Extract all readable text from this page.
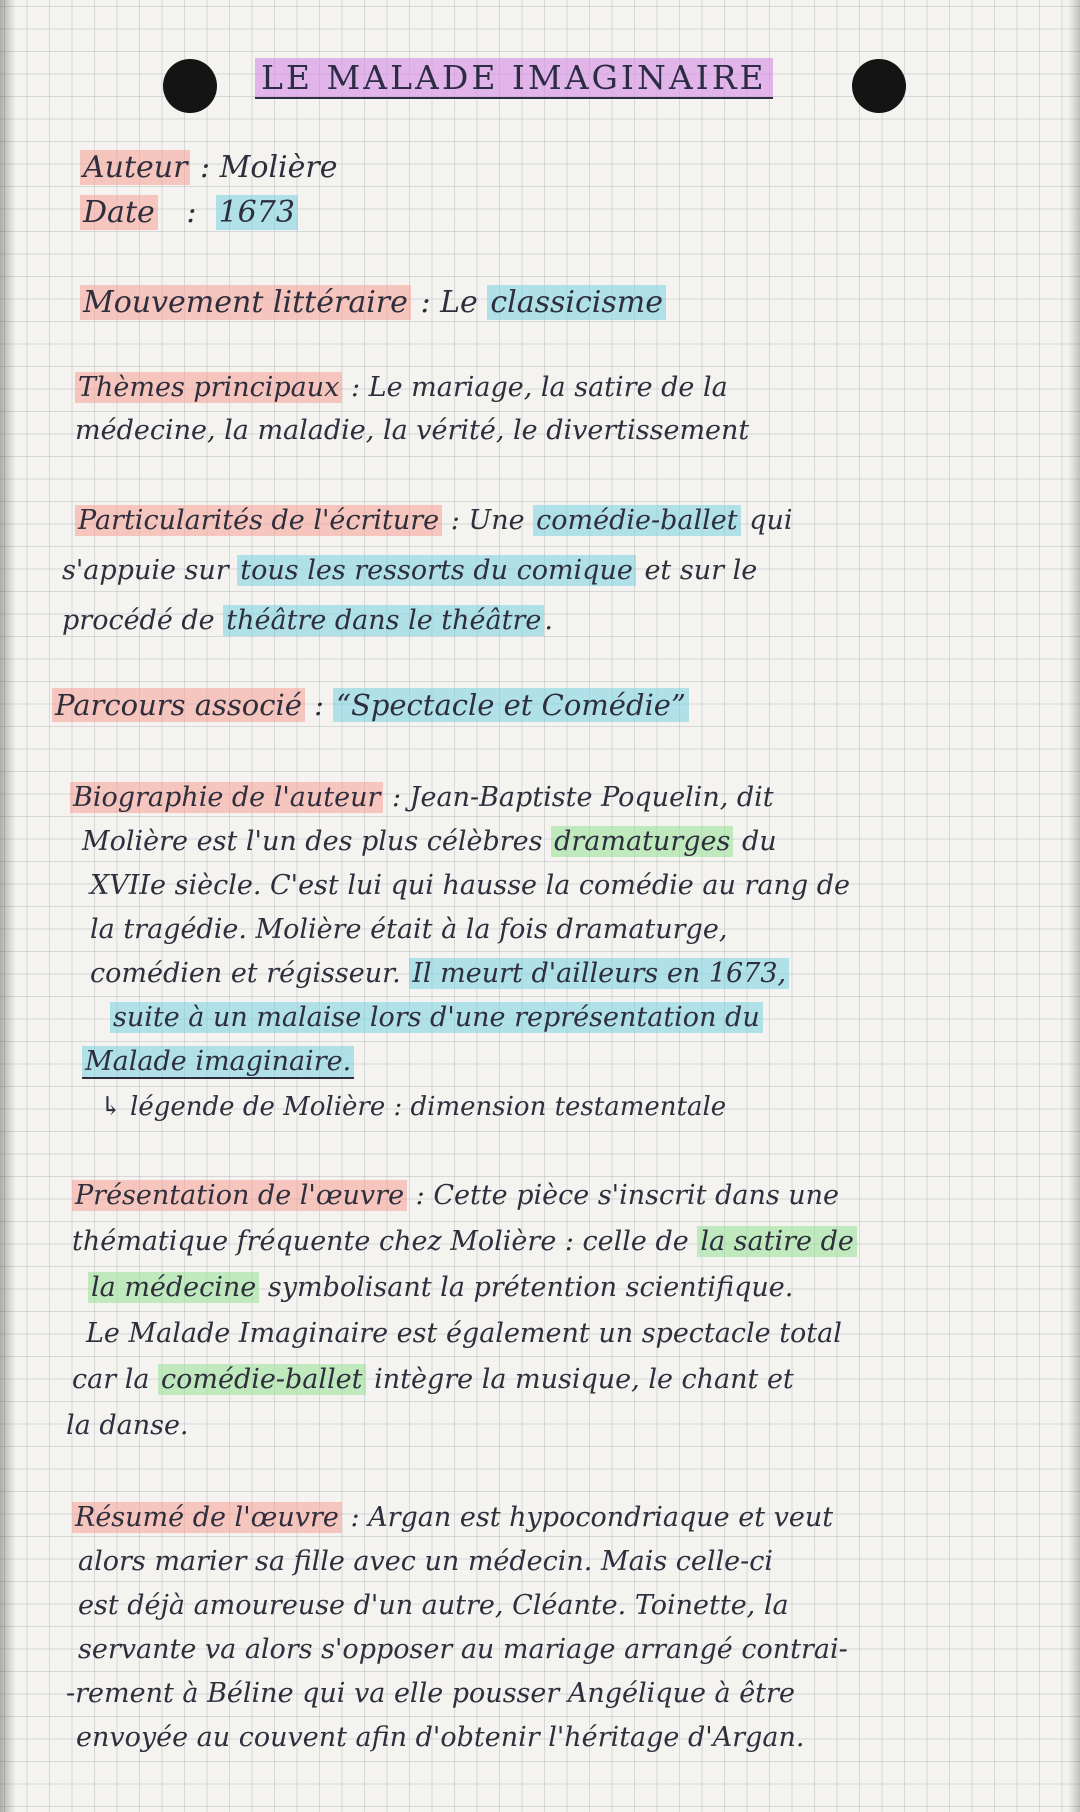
LE MALADE IMAGINAIRE
Auteur : Molière
Date   :  1673
Mouvement littéraire : Le classicisme
Thèmes principaux : Le mariage, la satire de la
médecine, la maladie, la vérité, le divertissement
Particularités de l'écriture : Une comédie-ballet qui
s'appuie sur tous les ressorts du comique et sur le
procédé de théâtre dans le théâtre .
Parcours associé : “Spectacle et Comédie”
Biographie de l'auteur : Jean-Baptiste Poquelin, dit
Molière est l'un des plus célèbres dramaturges du
XVIIe siècle. C'est lui qui hausse la comédie au rang de
la tragédie. Molière était à la fois dramaturge,
comédien et régisseur. Il meurt d'ailleurs en 1673,
suite à un malaise lors d'une représentation du
Malade imaginaire.
↳ légende de Molière : dimension testamentale
Présentation de l'œuvre : Cette pièce s'inscrit dans une
thématique fréquente chez Molière : celle de la satire de
la médecine symbolisant la prétention scientifique.
Le Malade Imaginaire est également un spectacle total
car la comédie-ballet intègre la musique, le chant et
la danse.
Résumé de l'œuvre : Argan est hypocondriaque et veut
alors marier sa fille avec un médecin. Mais celle-ci
est déjà amoureuse d'un autre, Cléante. Toinette, la
servante va alors s'opposer au mariage arrangé contrai-
-rement à Béline qui va elle pousser Angélique à être
envoyée au couvent afin d'obtenir l'héritage d'Argan.
